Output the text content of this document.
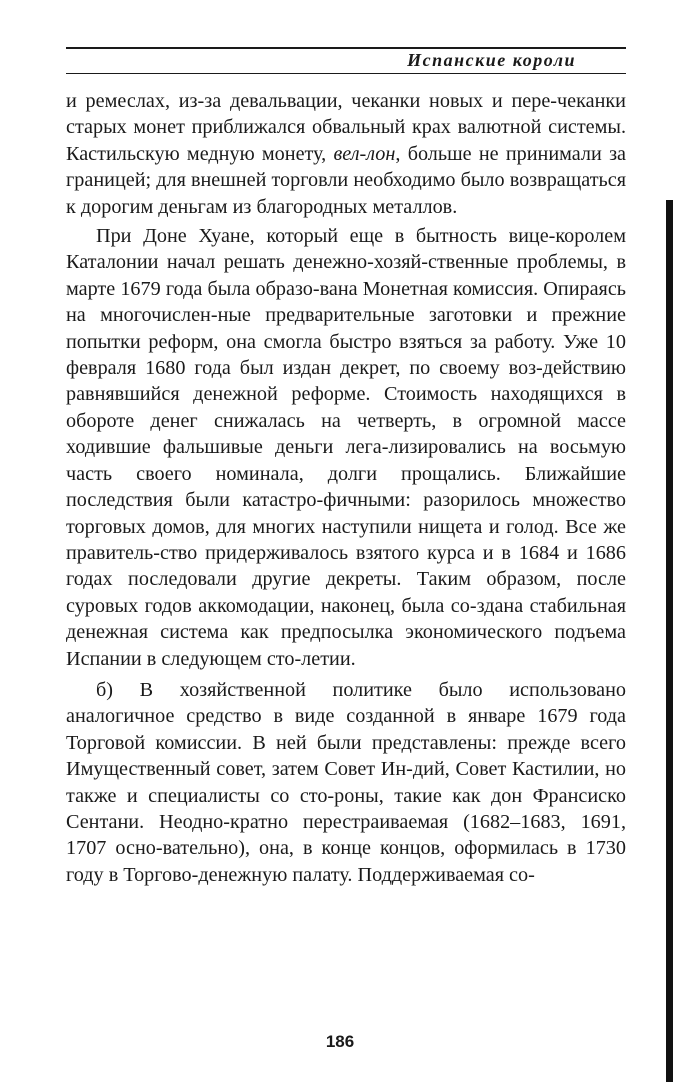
Испанские короли

и ремеслах, из-за девальвации, чеканки новых и пере-чеканки старых монет приближался обвальный крах валютной системы. Кастильскую медную монету, вел-лон, больше не принимали за границей; для внешней торговли необходимо было возвращаться к дорогим деньгам из благородных металлов.

При Доне Хуане, который еще в бытность вице-королем Каталонии начал решать денежно-хозяй-ственные проблемы, в марте 1679 года была образо-вана Монетная комиссия. Опираясь на многочислен-ные предварительные заготовки и прежние попытки реформ, она смогла быстро взяться за работу. Уже 10 февраля 1680 года был издан декрет, по своему воз-действию равнявшийся денежной реформе. Стоимость находящихся в обороте денег снижалась на четверть, в огромной массе ходившие фальшивые деньги лега-лизировались на восьмую часть своего номинала, долги прощались. Ближайшие последствия были катастро-фичными: разорилось множество торговых домов, для многих наступили нищета и голод. Все же правитель-ство придерживалось взятого курса и в 1684 и 1686 годах последовали другие декреты. Таким образом, после суровых годов аккомодации, наконец, была со-здана стабильная денежная система как предпосылка экономического подъема Испании в следующем сто-летии.

б) В хозяйственной политике было использовано аналогичное средство в виде созданной в январе 1679 года Торговой комиссии. В ней были представлены: прежде всего Имущественный совет, затем Совет Ин-дий, Совет Кастилии, но также и специалисты со сто-роны, такие как дон Франсиско Сентани. Неодно-кратно перестраиваемая (1682–1683, 1691, 1707 осно-вательно), она, в конце концов, оформилась в 1730 году в Торгово-денежную палату. Поддерживаемая со-

186
